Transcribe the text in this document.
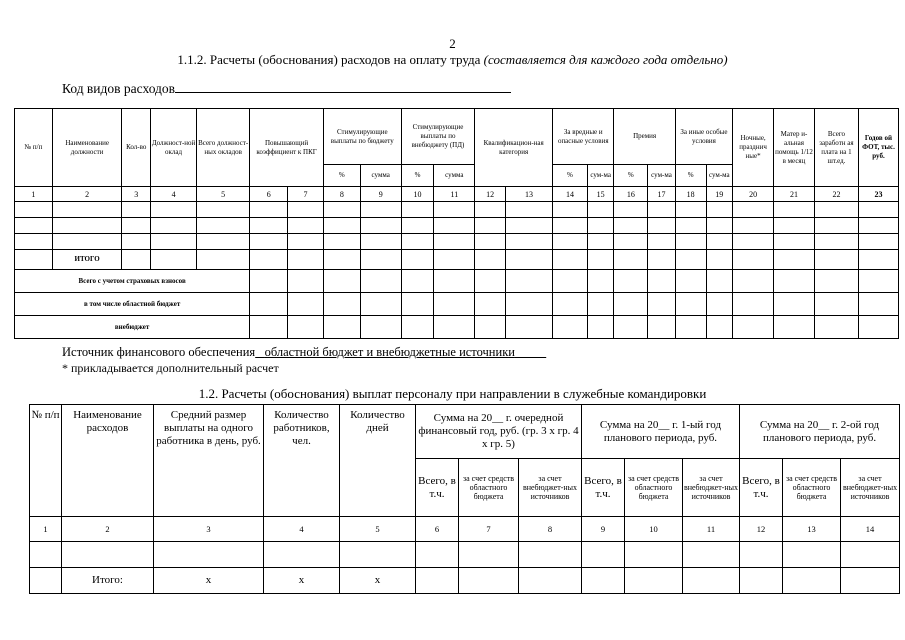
2
1.1.2. Расчеты (обоснования) расходов на оплату труда (составляется для каждого года отдельно)
Код видов расходов
№ п/п	Наименование должности	Кол-во	Должност-ной оклад	Всего должност-ных окладов	Повышающий коэффициент к ПКГ		Стимулирующие выплаты по бюджету		Стимулирующие выплаты по внебюджету (ПД)		Квалификацион-ная категория		За вредные и опасные условия		Премия		За иные особые условия		Ночные, празднич ные*	Матер и-альная помощь 1/12 в месяц	Всего заработн ая плата на 1 шт.ед.	Годов ой ФОТ, тыс. руб.
							%	сумма	%	сумма			%	сум-ма	%	сум-ма	%	сум-ма				
1	2	3	4	5	6	7	8	9	10	11	12	13	14	15	16	17	18	19	20	21	22	23

	ИТОГО																					
Всего с учетом страховых взносов																						
в том числе областной бюджет																						
внебюджет																						
Источник финансового обеспечения областной бюджет и внебюджетные источники
* прикладывается дополнительный расчет
1.2. Расчеты (обоснования) выплат персоналу при направлении в служебные командировки
№ п/п	Наименование расходов	Средний размер выплаты на одного работника в день, руб.	Количество работников, чел.	Количество дней	Сумма на 20__ г. очередной финансовый год, руб. (гр. 3 х гр. 4 х гр. 5)			Сумма на 20__ г. 1-ый год планового периода, руб.			Сумма на 20__ г. 2-ой год планового периода, руб.		
					Всего, в т.ч.	за счет средств областного бюджета	за счет внебюджет-ных источников	Всего, в т.ч.	за счет средств областного бюджета	за счет внебюджет-ных источников	Всего, в т.ч.	за счет средств областного бюджета	за счет внебюджет-ных источников
1	2	3	4	5	6	7	8	9	10	11	12	13	14

	Итого:	х	х	х									
